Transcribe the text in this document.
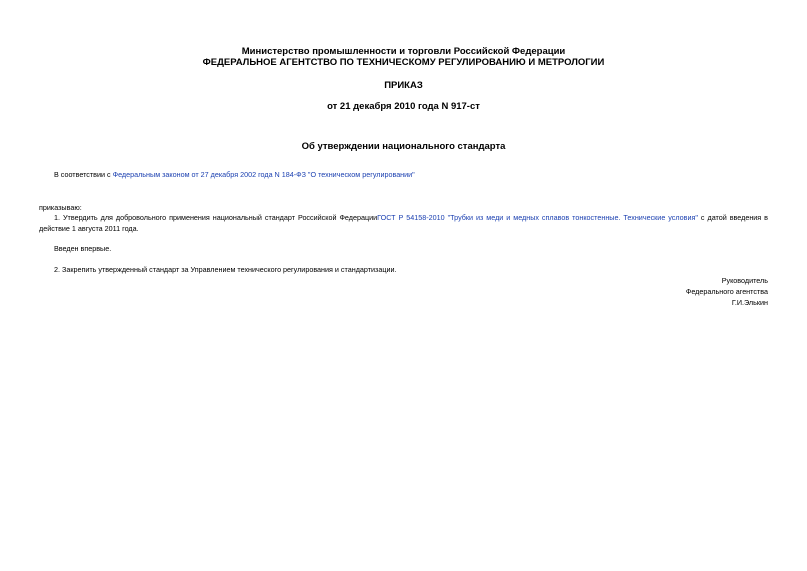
Министерство промышленности и торговли Российской Федерации
ФЕДЕРАЛЬНОЕ АГЕНТСТВО ПО ТЕХНИЧЕСКОМУ РЕГУЛИРОВАНИЮ И МЕТРОЛОГИИ
ПРИКАЗ
от 21 декабря 2010 года N 917-ст
Об утверждении национального стандарта
В соответствии с Федеральным законом от 27 декабря 2002 года N 184-ФЗ "О техническом регулировании"
приказываю:
1. Утвердить для добровольного применения национальный стандарт Российской ФедерацииГОСТ Р 54158-2010 "Трубки из меди и медных сплавов тонкостенные. Технические условия" с датой введения в действие 1 августа 2011 года.
Введен впервые.
2. Закрепить утвержденный стандарт за Управлением технического регулирования и стандартизации.
Руководитель
Федерального агентства
Г.И.Элькин
